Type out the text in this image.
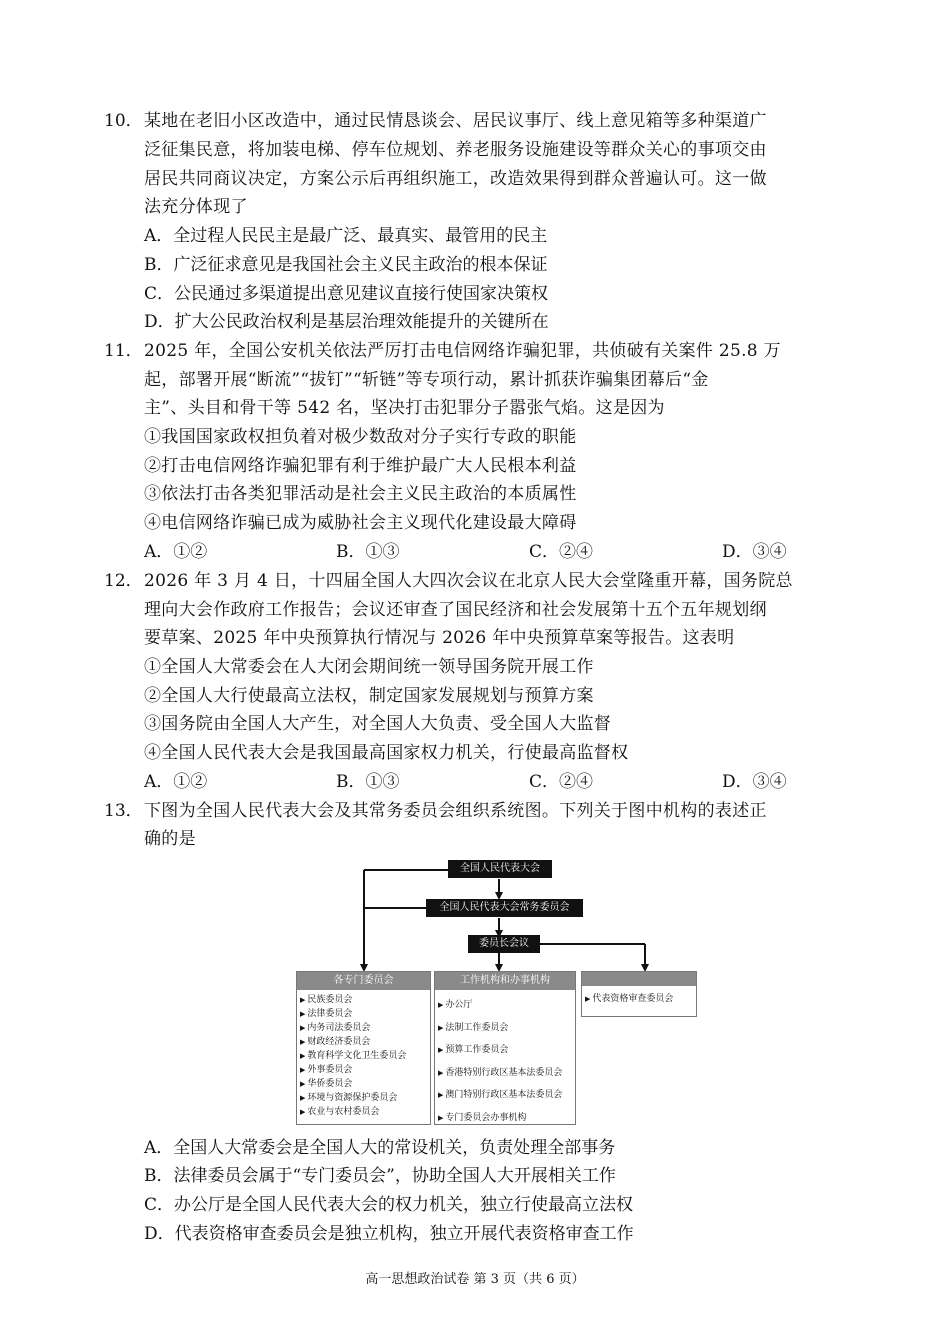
10． 某地在老旧小区改造中，通过民情恳谈会、居民议事厅、线上意见箱等多种渠道广
泛征集民意，将加装电梯、停车位规划、养老服务设施建设等群众关心的事项交由
居民共同商议决定，方案公示后再组织施工，改造效果得到群众普遍认可。这一做
法充分体现了
A．全过程人民民主是最广泛、最真实、最管用的民主
B．广泛征求意见是我国社会主义民主政治的根本保证
C．公民通过多渠道提出意见建议直接行使国家决策权
D．扩大公民政治权利是基层治理效能提升的关键所在
11． 2025 年，全国公安机关依法严厉打击电信网络诈骗犯罪，共侦破有关案件 25.8 万
起，部署开展“断流”“拔钉”“斩链”等专项行动，累计抓获诈骗集团幕后“金
主”、头目和骨干等 542 名，坚决打击犯罪分子嚣张气焰。这是因为
①我国国家政权担负着对极少数敌对分子实行专政的职能
②打击电信网络诈骗犯罪有利于维护最广大人民根本利益
③依法打击各类犯罪活动是社会主义民主政治的本质属性
④电信网络诈骗已成为威胁社会主义现代化建设最大障碍
A．①②	B．①③	C．②④	D．③④
12． 2026 年 3 月 4 日，十四届全国人大四次会议在北京人民大会堂隆重开幕，国务院总
理向大会作政府工作报告；会议还审查了国民经济和社会发展第十五个五年规划纲
要草案、2025 年中央预算执行情况与 2026 年中央预算草案等报告。这表明
①全国人大常委会在人大闭会期间统一领导国务院开展工作
②全国人大行使最高立法权，制定国家发展规划与预算方案
③国务院由全国人大产生，对全国人大负责、受全国人大监督
④全国人民代表大会是我国最高国家权力机关，行使最高监督权
A．①②	B．①③	C．②④	D．③④
13． 下图为全国人民代表大会及其常务委员会组织系统图。下列关于图中机构的表述正
确的是
全国人民代表大会
全国人民代表大会常务委员会
委员长会议
各专门委员会
▶ 民族委员会
▶ 法律委员会
▶ 内务司法委员会
▶ 财政经济委员会
▶ 教育科学文化卫生委员会
▶ 外事委员会
▶ 华侨委员会
▶ 环境与资源保护委员会
▶ 农业与农村委员会
工作机构和办事机构
▶ 办公厅
▶ 法制工作委员会
▶ 预算工作委员会
▶ 香港特别行政区基本法委员会
▶ 澳门特别行政区基本法委员会
▶ 专门委员会办事机构
▶ 代表资格审查委员会
A．全国人大常委会是全国人大的常设机关，负责处理全部事务
B．法律委员会属于“专门委员会”，协助全国人大开展相关工作
C．办公厅是全国人民代表大会的权力机关，独立行使最高立法权
D．代表资格审查委员会是独立机构，独立开展代表资格审查工作
高一思想政治试卷 第 3 页（共 6 页）
